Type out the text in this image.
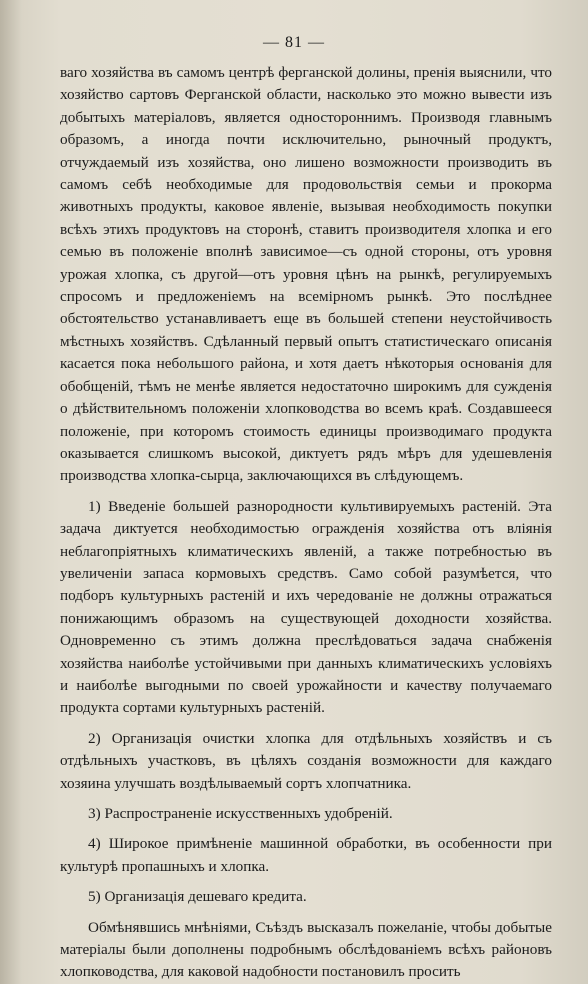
— 81 —

ваго хозяйства въ самомъ центрѣ ферганской долины, пренія выяснили, что хозяйство сартовъ Ферганской области, насколько это можно вывести изъ добытыхъ матеріаловъ, является одностороннимъ. Производя главнымъ образомъ, а иногда почти исключительно, рыночный продуктъ, отчуждаемый изъ хозяйства, оно лишено возможности производить въ самомъ себѣ необходимые для продовольствія семьи и прокорма животныхъ продукты, каковое явленіе, вызывая необходимость покупки всѣхъ этихъ продуктовъ на сторонѣ, ставитъ производителя хлопка и его семью въ положеніе вполнѣ зависимое—съ одной стороны, отъ уровня урожая хлопка, съ другой—отъ уровня цѣнъ на рынкѣ, регулируемыхъ спросомъ и предложеніемъ на всемірномъ рынкѣ. Это послѣднее обстоятельство устанавливаетъ еще въ большей степени неустойчивость мѣстныхъ хозяйствъ. Сдѣланный первый опытъ статистическаго описанія касается пока небольшого района, и хотя даетъ нѣкоторыя основанія для обобщеній, тѣмъ не менѣе является недостаточно широкимъ для сужденія о дѣйствительномъ положеніи хлопководства во всемъ краѣ. Создавшееся положеніе, при которомъ стоимость единицы производимаго продукта оказывается слишкомъ высокой, диктуетъ рядъ мѣръ для удешевленія производства хлопка-сырца, заключающихся въ слѣдующемъ.

1) Введеніе большей разнородности культивируемыхъ растеній. Эта задача диктуется необходимостью огражденія хозяйства отъ вліянія неблагопріятныхъ климатическихъ явленій, а также потребностью въ увеличеніи запаса кормовыхъ средствъ. Само собой разумѣется, что подборъ культурныхъ растеній и ихъ чередованіе не должны отражаться понижающимъ образомъ на существующей доходности хозяйства. Одновременно съ этимъ должна преслѣдоваться задача снабженія хозяйства наиболѣе устойчивыми при данныхъ климатическихъ условіяхъ и наиболѣе выгодными по своей урожайности и качеству получаемаго продукта сортами культурныхъ растеній.

2) Организація очистки хлопка для отдѣльныхъ хозяйствъ и съ отдѣльныхъ участковъ, въ цѣляхъ созданія возможности для каждаго хозяина улучшать воздѣлываемый сортъ хлопчатника.

3) Распространеніе искусственныхъ удобреній.

4) Широкое примѣненіе машинной обработки, въ особенности при культурѣ пропашныхъ и хлопка.

5) Организація дешеваго кредита.

Обмѣнявшись мнѣніями, Съѣздъ высказалъ пожеланіе, чтобы добытые матеріалы были дополнены подробнымъ обслѣдованіемъ всѣхъ районовъ хлопководства, для каковой надобности постановилъ просить
